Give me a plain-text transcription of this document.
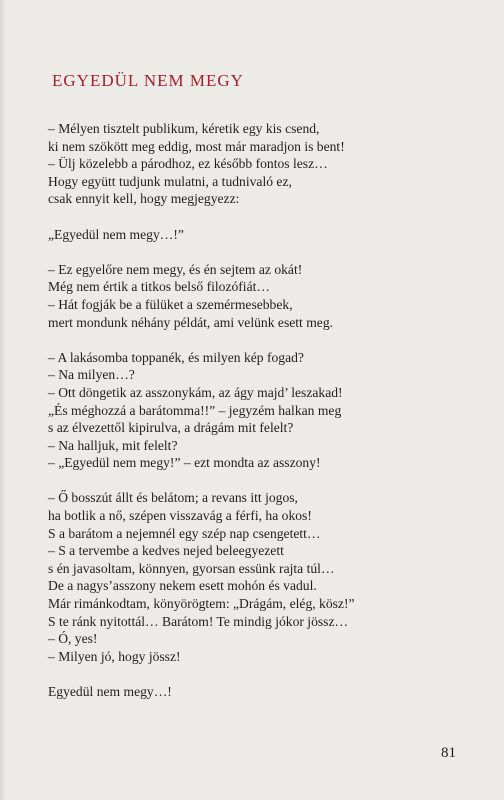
EGYEDÜL NEM MEGY
– Mélyen tisztelt publikum, kéretik egy kis csend,
ki nem szökött meg eddig, most már maradjon is bent!
– Ülj közelebb a párodhoz, ez később fontos lesz…
Hogy együtt tudjunk mulatni, a tudnivaló ez,
csak ennyit kell, hogy megjegyezz:
„Egyedül nem megy…!”
– Ez egyelőre nem megy, és én sejtem az okát!
Még nem értik a titkos belső filozófiát…
– Hát fogják be a fülüket a szemérmesebbek,
mert mondunk néhány példát, ami velünk esett meg.
– A lakásomba toppanék, és milyen kép fogad?
– Na milyen…?
– Ott döngetik az asszonykám, az ágy majd’ leszakad!
„És méghozzá a barátomma!!” – jegyzém halkan meg
s az élvezettől kipirulva, a drágám mit felelt?
– Na halljuk, mit felelt?
– „Egyedül nem megy!” – ezt mondta az asszony!
– Ő bosszút állt és belátom; a revans itt jogos,
ha botlik a nő, szépen visszavág a férfi, ha okos!
S a barátom a nejemnél egy szép nap csengetett…
– S a tervembe a kedves nejed beleegyezett
s én javasoltam, könnyen, gyorsan essünk rajta túl…
De a nagys’asszony nekem esett mohón és vadul.
Már rimánkodtam, könyörögtem: „Drágám, elég, kösz!”
S te ránk nyitottál… Barátom! Te mindig jókor jössz…
– Ó, yes!
– Milyen jó, hogy jössz!
Egyedül nem megy…!
81
